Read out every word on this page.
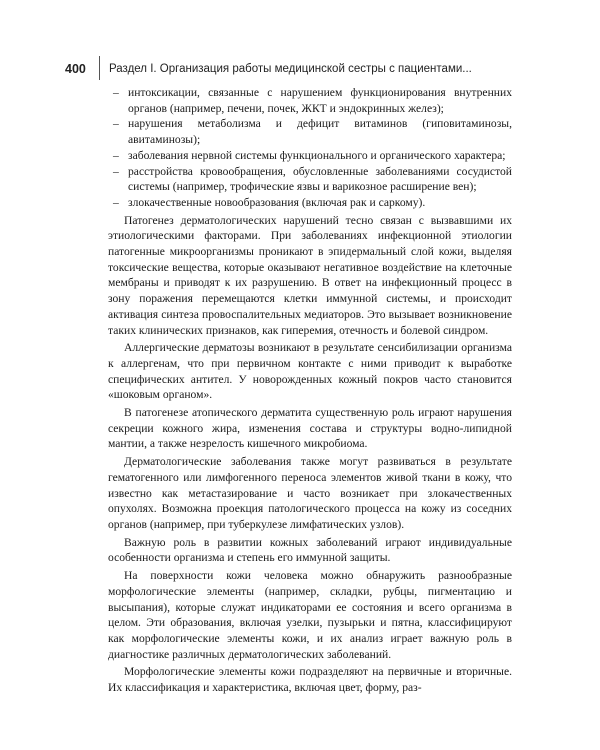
400 Раздел I. Организация работы медицинской сестры с пациентами...
– интоксикации, связанные с нарушением функционирования внутренних органов (например, печени, почек, ЖКТ и эндокринных желез);
– нарушения метаболизма и дефицит витаминов (гиповитаминозы, авитаминозы);
– заболевания нервной системы функционального и органического характера;
– расстройства кровообращения, обусловленные заболеваниями сосудистой системы (например, трофические язвы и варикозное расширение вен);
– злокачественные новообразования (включая рак и саркому).

Патогенез дерматологических нарушений тесно связан с вызвавшими их этиологическими факторами. При заболеваниях инфекционной этиологии патогенные микроорганизмы проникают в эпидермальный слой кожи, выделяя токсические вещества, которые оказывают негативное воздействие на клеточные мембраны и приводят к их разрушению. В ответ на инфекционный процесс в зону поражения перемещаются клетки иммунной системы, и происходит активация синтеза провоспалительных медиаторов. Это вызывает возникновение таких клинических признаков, как гиперемия, отечность и болевой синдром.

Аллергические дерматозы возникают в результате сенсибилизации организма к аллергенам, что при первичном контакте с ними приводит к выработке специфических антител. У новорожденных кожный покров часто становится «шоковым органом».

В патогенезе атопического дерматита существенную роль играют нарушения секреции кожного жира, изменения состава и структуры водно-липидной мантии, а также незрелость кишечного микробиома.

Дерматологические заболевания также могут развиваться в результате гематогенного или лимфогенного переноса элементов живой ткани в кожу, что известно как метастазирование и часто возникает при злокачественных опухолях. Возможна проекция патологического процесса на кожу из соседних органов (например, при туберкулезе лимфатических узлов).

Важную роль в развитии кожных заболеваний играют индивидуальные особенности организма и степень его иммунной защиты.

На поверхности кожи человека можно обнаружить разнообразные морфологические элементы (например, складки, рубцы, пигментацию и высыпания), которые служат индикаторами ее состояния и всего организма в целом. Эти образования, включая узелки, пузырьки и пятна, классифицируют как морфологические элементы кожи, и их анализ играет важную роль в диагностике различных дерматологических заболеваний.

Морфологические элементы кожи подразделяют на первичные и вторичные. Их классификация и характеристика, включая цвет, форму, раз-
